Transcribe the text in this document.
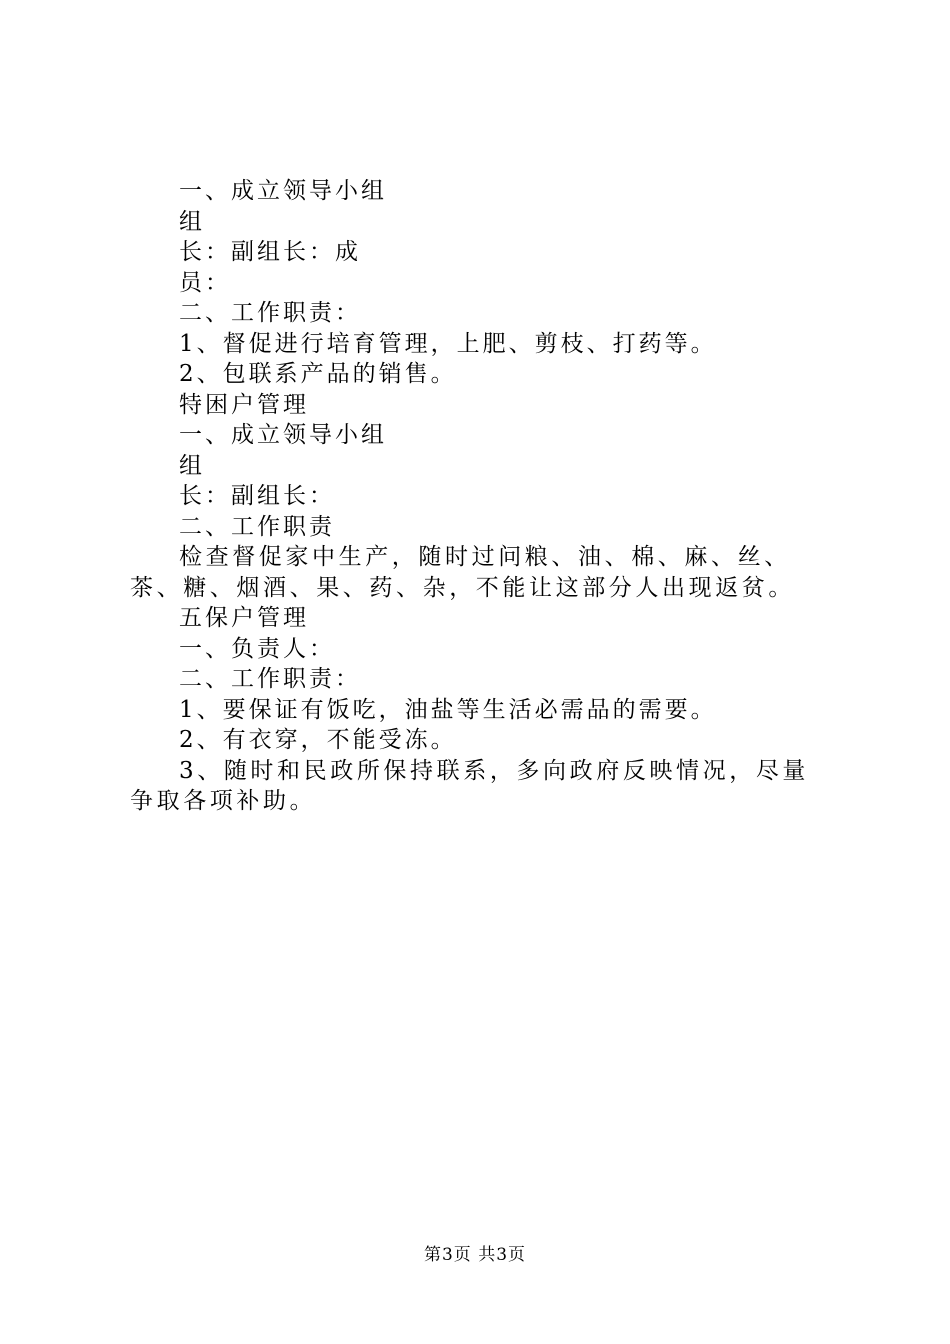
一、成立领导小组
组
长：副组长：成
员：
二、工作职责：
1、督促进行培育管理，上肥、剪枝、打药等。
2、包联系产品的销售。
特困户管理
一、成立领导小组
组
长：副组长：
二、工作职责
检查督促家中生产，随时过问粮、油、棉、麻、丝、茶、糖、烟酒、果、药、杂，不能让这部分人出现返贫。
五保户管理
一、负责人：
二、工作职责：
1、要保证有饭吃，油盐等生活必需品的需要。
2、有衣穿，不能受冻。
3、随时和民政所保持联系，多向政府反映情况，尽量争取各项补助。
第3页 共3页
